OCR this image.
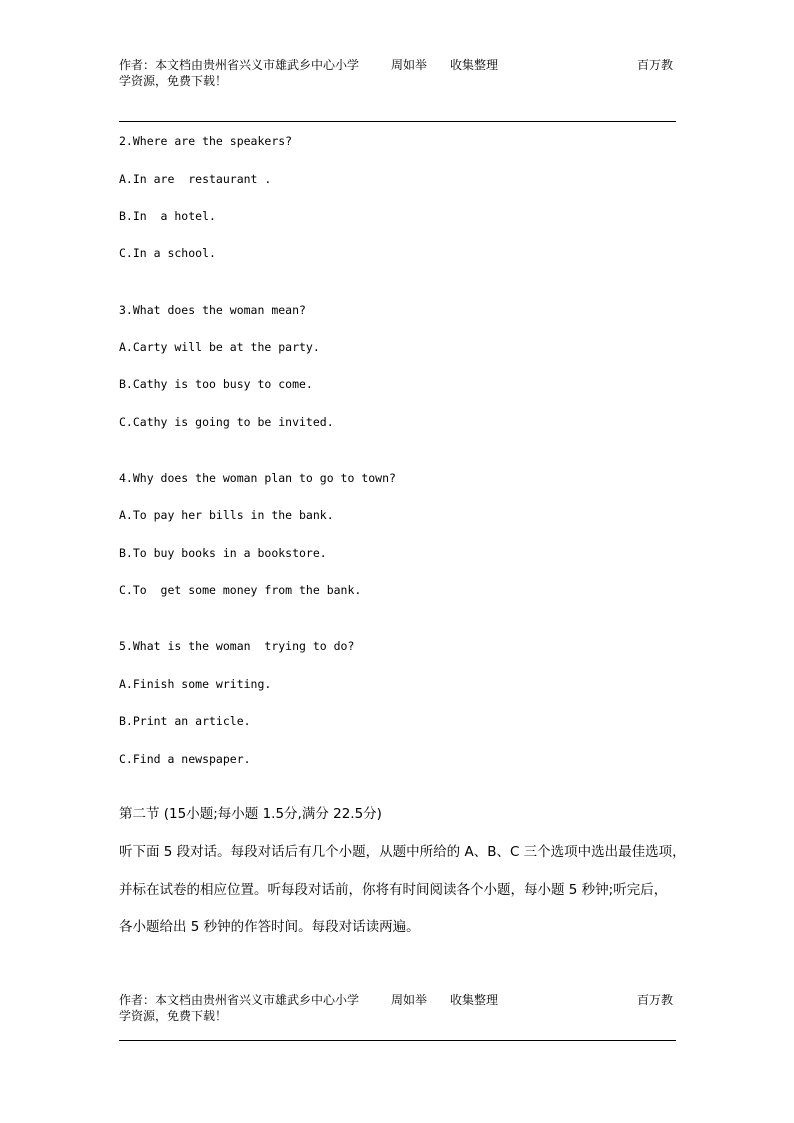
作者：本文档由贵州省兴义市雄武乡中心小学	周如举 收集整理	百万教
学资源，免费下载！
2.Where are the speakers?
A.In are  restaurant .
B.In  a hotel.
C.In a school.
3.What does the woman mean?
A.Carty will be at the party.
B.Cathy is too busy to come.
C.Cathy is going to be invited.
4.Why does the woman plan to go to town?
A.To pay her bills in the bank.
B.To buy books in a bookstore.
C.To  get some money from the bank.
5.What is the woman  trying to do?
A.Finish some writing.
B.Print an article.
C.Find a newspaper.
第二节 (15小题;每小题 1.5分,满分 22.5分)
听下面 5 段对话。每段对话后有几个小题，从题中所给的 A、B、C 三个选项中选出最佳选项，
并标在试卷的相应位置。听每段对话前，你将有时间阅读各个小题，每小题 5 秒钟;听完后，
各小题给出 5 秒钟的作答时间。每段对话读两遍。
作者：本文档由贵州省兴义市雄武乡中心小学	周如举 收集整理	百万教
学资源，免费下载！
